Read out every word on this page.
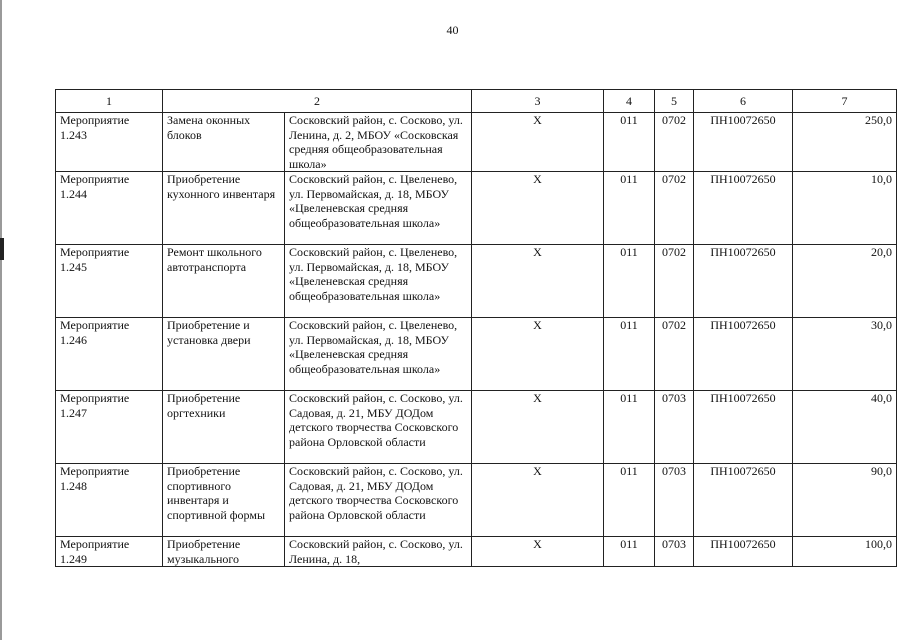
40
1	2		3	4	5	6	7
Мероприятие 1.243	Замена оконных блоков	Сосковский район, с. Сосково, ул. Ленина, д. 2, МБОУ «Сосковская средняя общеобразовательная школа»	Х	011	0702	ПН10072650	250,0
Мероприятие 1.244	Приобретение кухонного инвентаря	Сосковский район, с. Цвеленево, ул. Первомайская, д. 18, МБОУ «Цвеленевская средняя общеобразовательная школа»	Х	011	0702	ПН10072650	10,0
Мероприятие 1.245	Ремонт школьного автотранспорта	Сосковский район, с. Цвеленево, ул. Первомайская, д. 18, МБОУ «Цвеленевская средняя общеобразовательная школа»	Х	011	0702	ПН10072650	20,0
Мероприятие 1.246	Приобретение и установка двери	Сосковский район, с. Цвеленево, ул. Первомайская, д. 18, МБОУ «Цвеленевская средняя общеобразовательная школа»	Х	011	0702	ПН10072650	30,0
Мероприятие 1.247	Приобретение оргтехники	Сосковский район, с. Сосково, ул. Садовая, д. 21, МБУ ДОДом детского творчества Сосковского района Орловской области	Х	011	0703	ПН10072650	40,0
Мероприятие 1.248	Приобретение спортивного инвентаря и спортивной формы	Сосковский район, с. Сосково, ул. Садовая, д. 21, МБУ ДОДом детского творчества Сосковского района Орловской области	Х	011	0703	ПН10072650	90,0
Мероприятие 1.249	Приобретение музыкального	Сосковский район, с. Сосково, ул. Ленина, д. 18,	Х	011	0703	ПН10072650	100,0
